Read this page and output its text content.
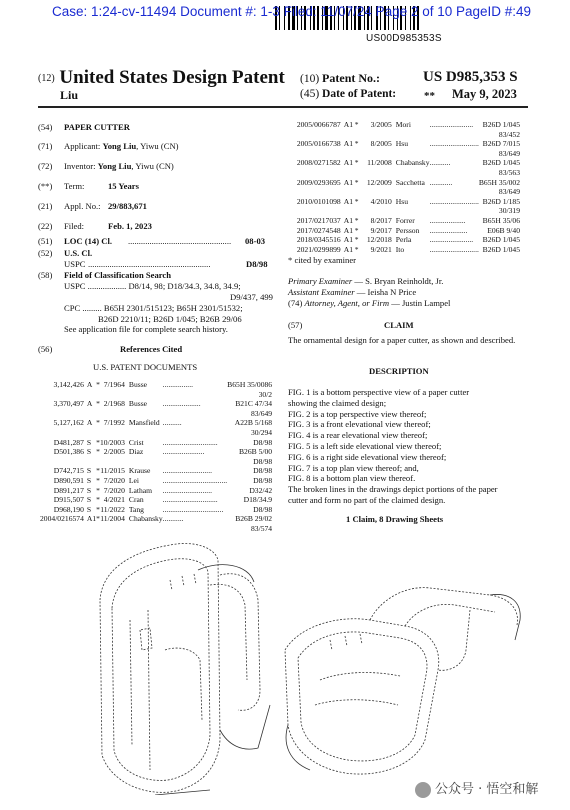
Case: 1:24-cv-11494 Document #: 1-3 Filed: 11/07/24 Page 2 of 10 PageID #:49
US00D985353S
(12) United States Design Patent
Liu
(10) Patent No.:	US D985,353 S
(45) Date of Patent:	** May 9, 2023
(54) PAPER CUTTER
(71) Applicant: Yong Liu, Yiwu (CN)
(72) Inventor: Yong Liu, Yiwu (CN)
(**) Term:	15 Years
(21) Appl. No.: 29/883,671
(22) Filed:	Feb. 1, 2023
(51) LOC (14) Cl. ................................................ 08-03
(52) U.S. Cl.
USPC .........................................................	D8/98
(58) Field of Classification Search
USPC .................. D8/14, 98; D18/34.3, 34.8, 34.9;
D9/437, 499
CPC ......... B65H 2301/515123; B65H 2301/51532;
B26D 2210/11; B26D 1/045; B26B 29/06
See application file for complete search history.
(56)	References Cited
U.S. PATENT DOCUMENTS
3,142,426	A	*	7/1964	Busse	................	B65H 35/0086
30/2						
3,370,497	A	*	2/1968	Busse	....................	B21C 47/34
83/649						
5,127,162	A	*	7/1992	Mansfield	..........	A22B 5/168
30/294						
D481,287	S	*	10/2003	Crist	.............................	D8/98
D501,386	S	*	2/2005	Diaz	......................	B26B 5/00
D8/98						
D742,715	S	*	11/2015	Krause	..........................	D8/98
D890,591	S	*	7/2020	Lei	..................................	D8/98
D891,217	S	*	7/2020	Latham	..........................	D32/42
D915,507	S	*	4/2021	Cran	.............................	D18/34.9
D968,190	S	*	11/2022	Tang	................................	D8/98
2004/0216574	A1	*	11/2004	Chabansky	...........	B26B 29/02
83/574						
2005/0066787	A1	*	3/2005	Mori	.......................	B26D 1/045
83/452						
2005/0166738	A1	*	8/2005	Hsu	..........................	B26D 7/015
83/649						
2008/0271582	A1	*	11/2008	Chabansky	...........	B26D 1/045
83/563						
2009/0293695	A1	*	12/2009	Sacchetta	............	B65H 35/002
83/649						
2010/0101098	A1	*	4/2010	Hsu	..........................	B26D 1/185
30/319						
2017/0217037	A1	*	8/2017	Forrer	...................	B65H 35/06
2017/0274548	A1	*	9/2017	Persson	....................	E06B 9/40
2018/0345516	A1	*	12/2018	Perla	.......................	B26D 1/045
2021/0299899	A1	*	9/2021	Ito	..........................	B26D 1/045
* cited by examiner
Primary Examiner — S. Bryan Reinholdt, Jr.
Assistant Examiner — Ieisha N Price
(74) Attorney, Agent, or Firm — Justin Lampel
(57)	CLAIM
The ornamental design for a paper cutter, as shown and described.
DESCRIPTION
FIG. 1 is a bottom perspective view of a paper cutter
showing the claimed design;
FIG. 2 is a top perspective view thereof;
FIG. 3 is a front elevational view thereof;
FIG. 4 is a rear elevational view thereof;
FIG. 5 is a left side elevational view thereof;
FIG. 6 is a right side elevational view thereof;
FIG. 7 is a top plan view thereof; and,
FIG. 8 is a bottom plan view thereof.
The broken lines in the drawings depict portions of the paper
cutter and form no part of the claimed design.
1 Claim, 8 Drawing Sheets
公众号 · 悟空和解
